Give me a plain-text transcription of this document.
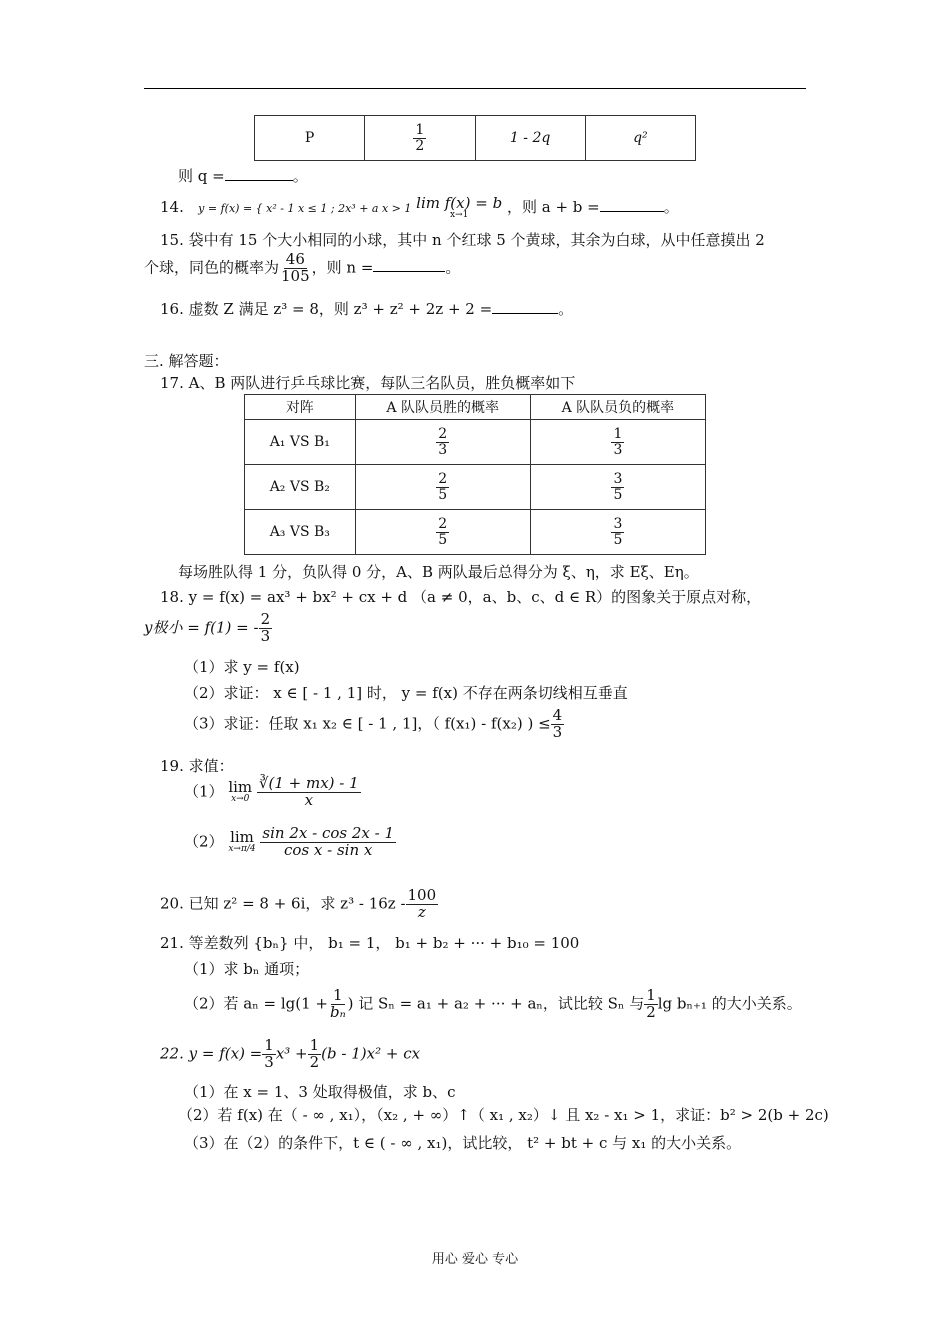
P	$\frac{1}{2}$	1 - 2q	q²
则 q =	。
14. y = f(x) = { x² - 1 x ≤ 1 ; 2x³ + a x > 1 lim f(x) = b
x→1	，则 a + b =	。
15. 袋中有 15 个大小相同的小球，其中 n 个红球 5 个黄球，其余为白球，从中任意摸出 2
个球，同色的概率为 $\frac{46}{105}$ ，则 n =	。
16. 虚数 Z 满足 z³ = 8，则 z³ + z² + 2z + 2 =	。
三. 解答题：
17. A、B 两队进行乒乓球比赛，每队三名队员，胜负概率如下
对阵	A 队队员胜的概率	A 队队员负的概率
A₁ VS B₁	$\frac{2}{3}$	$\frac{1}{3}$

A₂ VS B₂	$\frac{2}{5}$	$\frac{3}{5}$

A₃ VS B₃	$\frac{2}{5}$	$\frac{3}{5}$
每场胜队得 1 分，负队得 0 分，A、B 两队最后总得分为 ξ、η，求 Eξ、Eη。
18. y = f(x) = ax³ + bx² + cx + d （a ≠ 0，a、b、c、d ∈ R）的图象关于原点对称，
y极小 = f(1) = - $\frac{2}{3}$
（1）求 y = f(x)
（2）求证： x ∈ [ - 1 , 1] 时， y = f(x) 不存在两条切线相互垂直
（3）求证：任取 x₁ x₂ ∈ [ - 1 , 1]，（ f(x₁) - f(x₂) ) ≤ $\frac{4}{3}$
19. 求值：
（1） lim
x→0
$\frac{∛(1 + mx) - 1}{x}$
（2） lim
x→π/4
$\frac{\sin 2x - \cos 2x - 1}{\text{cos x - sin x}}$
20. 已知 z² = 8 + 6i，求 $z^3 - 16z - \frac{100}{z}$
21. 等差数列 {bₙ} 中， b₁ = 1， b₁ + b₂ + ··· + b₁₀ = 100
（1）求 bₙ 通项；
（2）若 $a_n = \lg(1 + \frac{1}{\text{bₙ}}$ ) 记 Sₙ = a₁ + a₂ + ··· + aₙ，试比较 Sₙ 与 $\frac{1}{2}$ lg bₙ₊₁ 的大小关系。
22. $y = f(x) = \frac{1}{3} x^3 + \frac{1}{2} (b - 1)x^2$ + cx
（1）在 x = 1、3 处取得极值，求 b、c
（2）若 f(x) 在（ - ∞ , x₁），（x₂ , + ∞）↑（ x₁ , x₂）↓ 且 x₂ - x₁ > 1，求证：b² > 2(b + 2c)
（3）在（2）的条件下，t ∈ ( - ∞ , x₁)，试比较， t² + bt + c 与 x₁ 的大小关系。
用心 爱心 专心
